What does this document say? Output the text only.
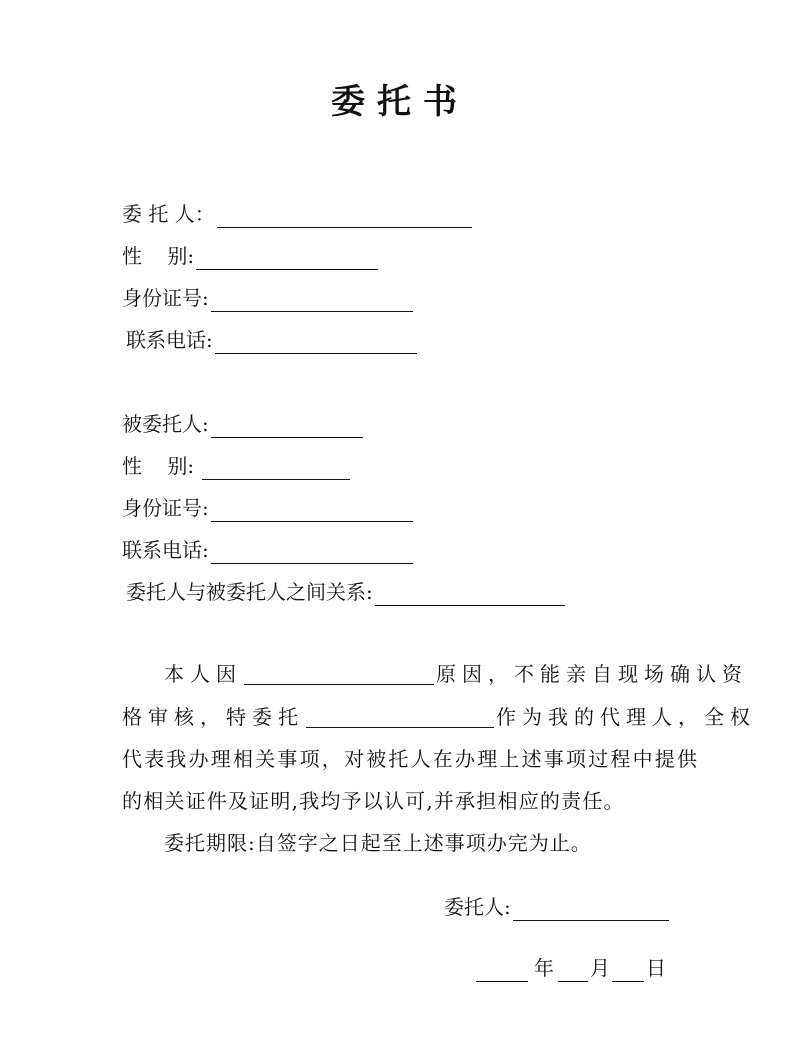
委托书
委 托 人：
性    别:
身份证号:
联系电话:
被委托人:
性    别:
身份证号:
联系电话:
委托人与被委托人之间关系:
本人因	原因，不能亲自现场确认资
格审核，特委托	作为我的代理人，全权
代表我办理相关事项，对被托人在办理上述事项过程中提供
的相关证件及证明,我均予以认可,并承担相应的责任。
委托期限:自签字之日起至上述事项办完为止。
委托人:
年 月 日
